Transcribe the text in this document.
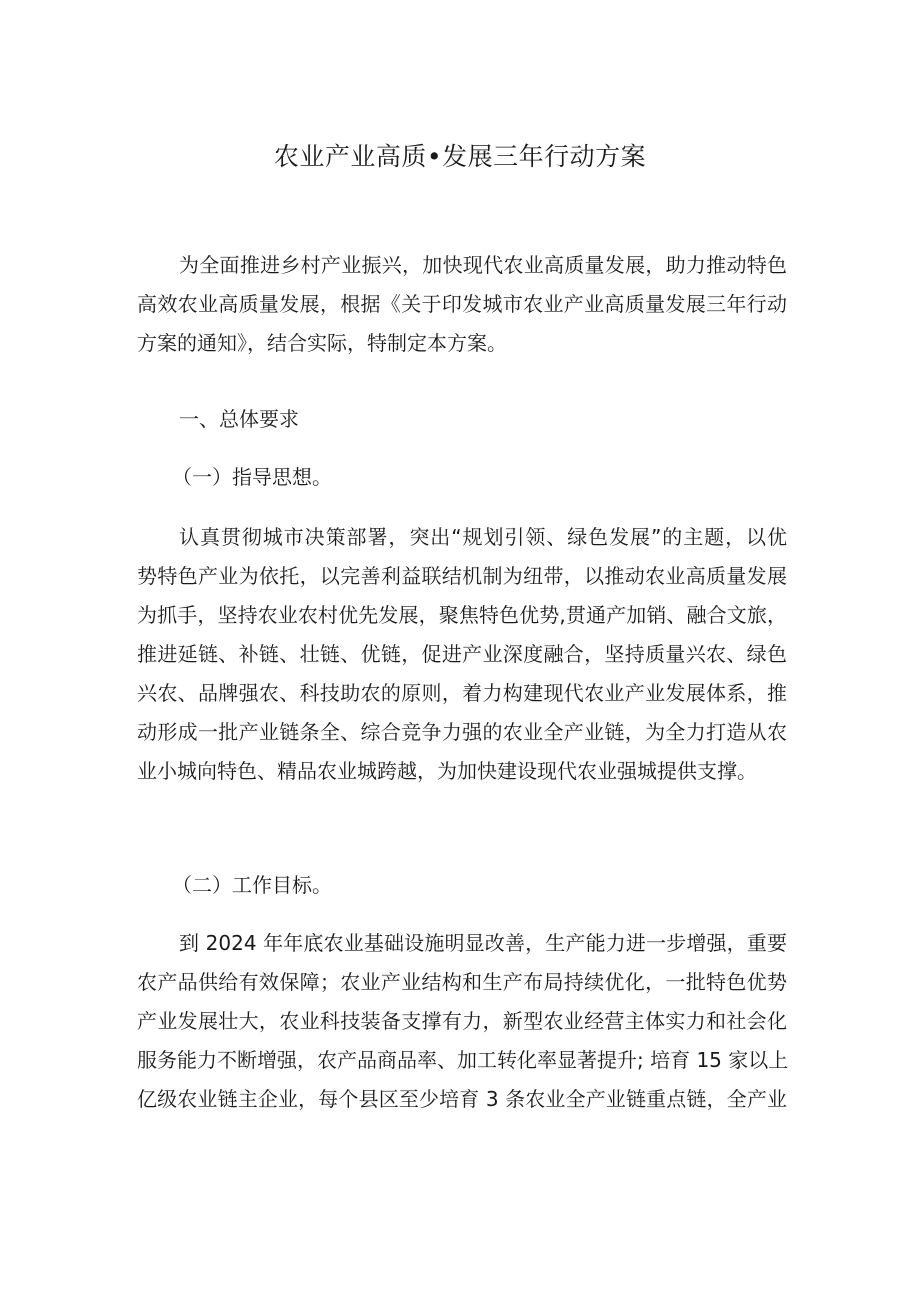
农业产业高质•发展三年行动方案
为全面推进乡村产业振兴，加快现代农业高质量发展，助力推动特色
高效农业高质量发展，根据《关于印发城市农业产业高质量发展三年行动
方案的通知》，结合实际，特制定本方案。
一、总体要求
（一）指导思想。
认真贯彻城市决策部署，突出“规划引领、绿色发展”的主题，以优
势特色产业为依托，以完善利益联结机制为纽带，以推动农业高质量发展
为抓手，坚持农业农村优先发展，聚焦特色优势,贯通产加销、融合文旅，
推进延链、补链、壮链、优链，促进产业深度融合，坚持质量兴农、绿色
兴农、品牌强农、科技助农的原则，着力构建现代农业产业发展体系，推
动形成一批产业链条全、综合竞争力强的农业全产业链，为全力打造从农
业小城向特色、精品农业城跨越，为加快建设现代农业强城提供支撑。
（二）工作目标。
到 2024 年年底农业基础设施明显改善，生产能力进一步增强，重要
农产品供给有效保障；农业产业结构和生产布局持续优化，一批特色优势
产业发展壮大，农业科技装备支撑有力，新型农业经营主体实力和社会化
服务能力不断增强，农产品商品率、加工转化率显著提升; 培育 15 家以上
亿级农业链主企业，每个县区至少培育 3 条农业全产业链重点链，全产业
